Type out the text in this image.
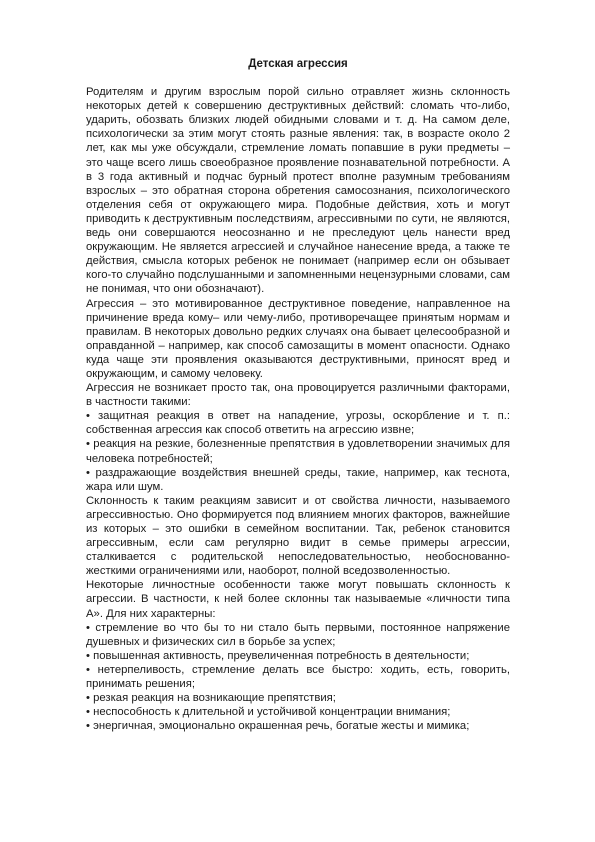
Детская агрессия

Родителям и другим взрослым порой сильно отравляет жизнь склонность некоторых детей к совершению деструктивных действий: сломать что-либо, ударить, обозвать близких людей обидными словами и т. д. На самом деле, психологически за этим могут стоять разные явления: так, в возрасте около 2 лет, как мы уже обсуждали, стремление ломать попавшие в руки предметы – это чаще всего лишь своеобразное проявление познавательной потребности. А в 3 года активный и подчас бурный протест вполне разумным требованиям взрослых – это обратная сторона обретения самосознания, психологического отделения себя от окружающего мира. Подобные действия, хоть и могут приводить к деструктивным последствиям, агрессивными по сути, не являются, ведь они совершаются неосознанно и не преследуют цель нанести вред окружающим. Не является агрессией и случайное нанесение вреда, а также те действия, смысла которых ребенок не понимает (например если он обзывает кого-то случайно подслушанными и запомненными нецензурными словами, сам не понимая, что они обозначают).

Агрессия – это мотивированное деструктивное поведение, направленное на причинение вреда кому– или чему-либо, противоречащее принятым нормам и правилам. В некоторых довольно редких случаях она бывает целесообразной и оправданной – например, как способ самозащиты в момент опасности. Однако куда чаще эти проявления оказываются деструктивными, приносят вред и окружающим, и самому человеку.

Агрессия не возникает просто так, она провоцируется различными факторами, в частности такими:

• защитная реакция в ответ на нападение, угрозы, оскорбление и т. п.: собственная агрессия как способ ответить на агрессию извне;

• реакция на резкие, болезненные препятствия в удовлетворении значимых для человека потребностей;

• раздражающие воздействия внешней среды, такие, например, как теснота, жара или шум.

Склонность к таким реакциям зависит и от свойства личности, называемого агрессивностью. Оно формируется под влиянием многих факторов, важнейшие из которых – это ошибки в семейном воспитании. Так, ребенок становится агрессивным, если сам регулярно видит в семье примеры агрессии, сталкивается с родительской непоследовательностью, необоснованно-жесткими ограничениями или, наоборот, полной вседозволенностью.

Некоторые личностные особенности также могут повышать склонность к агрессии. В частности, к ней более склонны так называемые «личности типа А». Для них характерны:

• стремление во что бы то ни стало быть первыми, постоянное напряжение душевных и физических сил в борьбе за успех;

• повышенная активность, преувеличенная потребность в деятельности;

• нетерпеливость, стремление делать все быстро: ходить, есть, говорить, принимать решения;

• резкая реакция на возникающие препятствия;

• неспособность к длительной и устойчивой концентрации внимания;

• энергичная, эмоционально окрашенная речь, богатые жесты и мимика;
